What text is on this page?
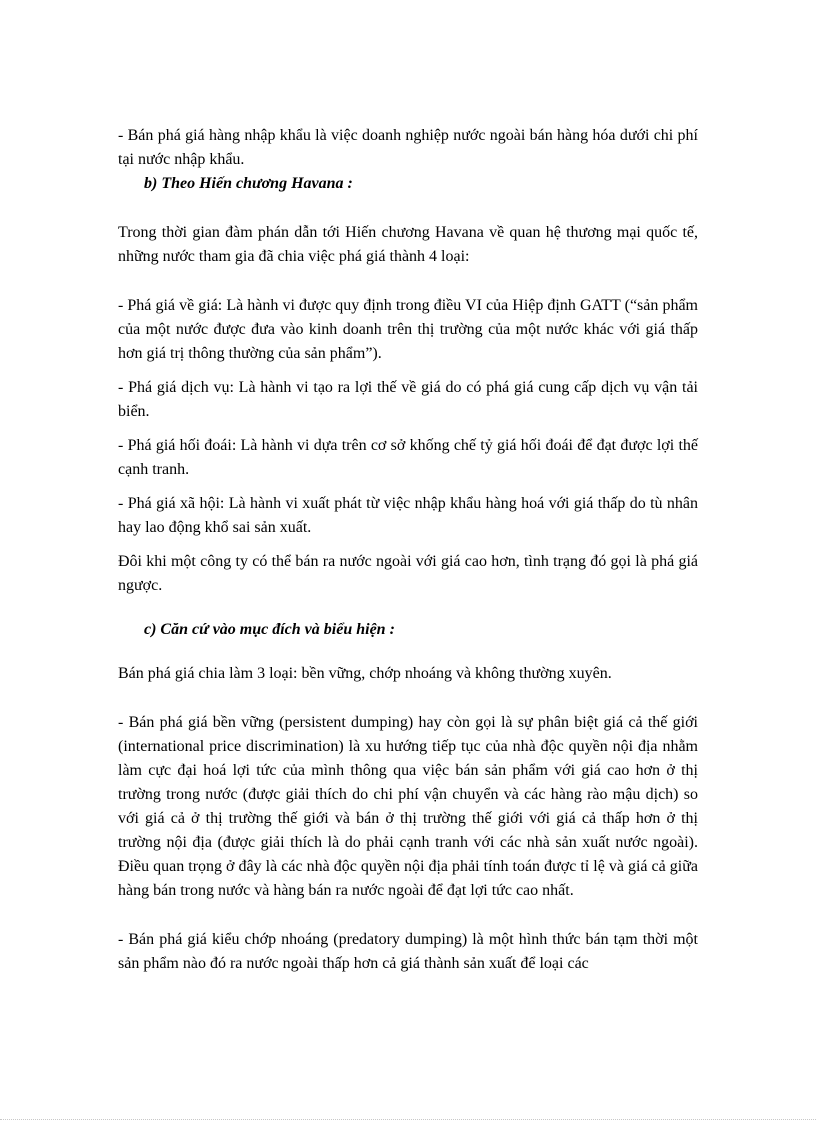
- Bán phá giá hàng nhập khẩu là việc doanh nghiệp nước ngoài bán hàng hóa dưới chi phí tại nước nhập khẩu.

b) Theo Hiến chương Havana :

Trong thời gian đàm phán dẫn tới Hiến chương Havana về quan hệ thương mại quốc tế, những nước tham gia đã chia việc phá giá thành 4 loại:

- Phá giá về giá: Là hành vi được quy định trong điều VI của Hiệp định GATT (“sản phẩm của một nước được đưa vào kinh doanh trên thị trường của một nước khác với giá thấp hơn giá trị thông thường của sản phẩm”).

- Phá giá dịch vụ: Là hành vi tạo ra lợi thế về giá do có phá giá cung cấp dịch vụ vận tải biển.

- Phá giá hối đoái: Là hành vi dựa trên cơ sở khống chế tỷ giá hối đoái để đạt được lợi thế cạnh tranh.

- Phá giá xã hội: Là hành vi xuất phát từ việc nhập khẩu hàng hoá với giá thấp do tù nhân hay lao động khổ sai sản xuất.

Đôi khi một công ty có thể bán ra nước ngoài với giá cao hơn, tình trạng đó gọi là phá giá ngược.

c) Căn cứ vào mục đích và biểu hiện :

Bán phá giá chia làm 3 loại: bền vững, chớp nhoáng và không thường xuyên.

- Bán phá giá bền vững (persistent dumping) hay còn gọi là sự phân biệt giá cả thế giới (international price discrimination) là xu hướng tiếp tục của nhà độc quyền nội địa nhằm làm cực đại hoá lợi tức của mình thông qua việc bán sản phẩm với giá cao hơn ở thị trường trong nước (được giải thích do chi phí vận chuyển và các hàng rào mậu dịch) so với giá cả ở thị trường thế giới và bán ở thị trường thế giới với giá cả thấp hơn ở thị trường nội địa (được giải thích là do phải cạnh tranh với các nhà sản xuất nước ngoài). Điều quan trọng ở đây là các nhà độc quyền nội địa phải tính toán được tỉ lệ và giá cả giữa hàng bán trong nước và hàng bán ra nước ngoài để đạt lợi tức cao nhất.

- Bán phá giá kiểu chớp nhoáng (predatory dumping) là một hình thức bán tạm thời một sản phẩm nào đó ra nước ngoài thấp hơn cả giá thành sản xuất để loại các
